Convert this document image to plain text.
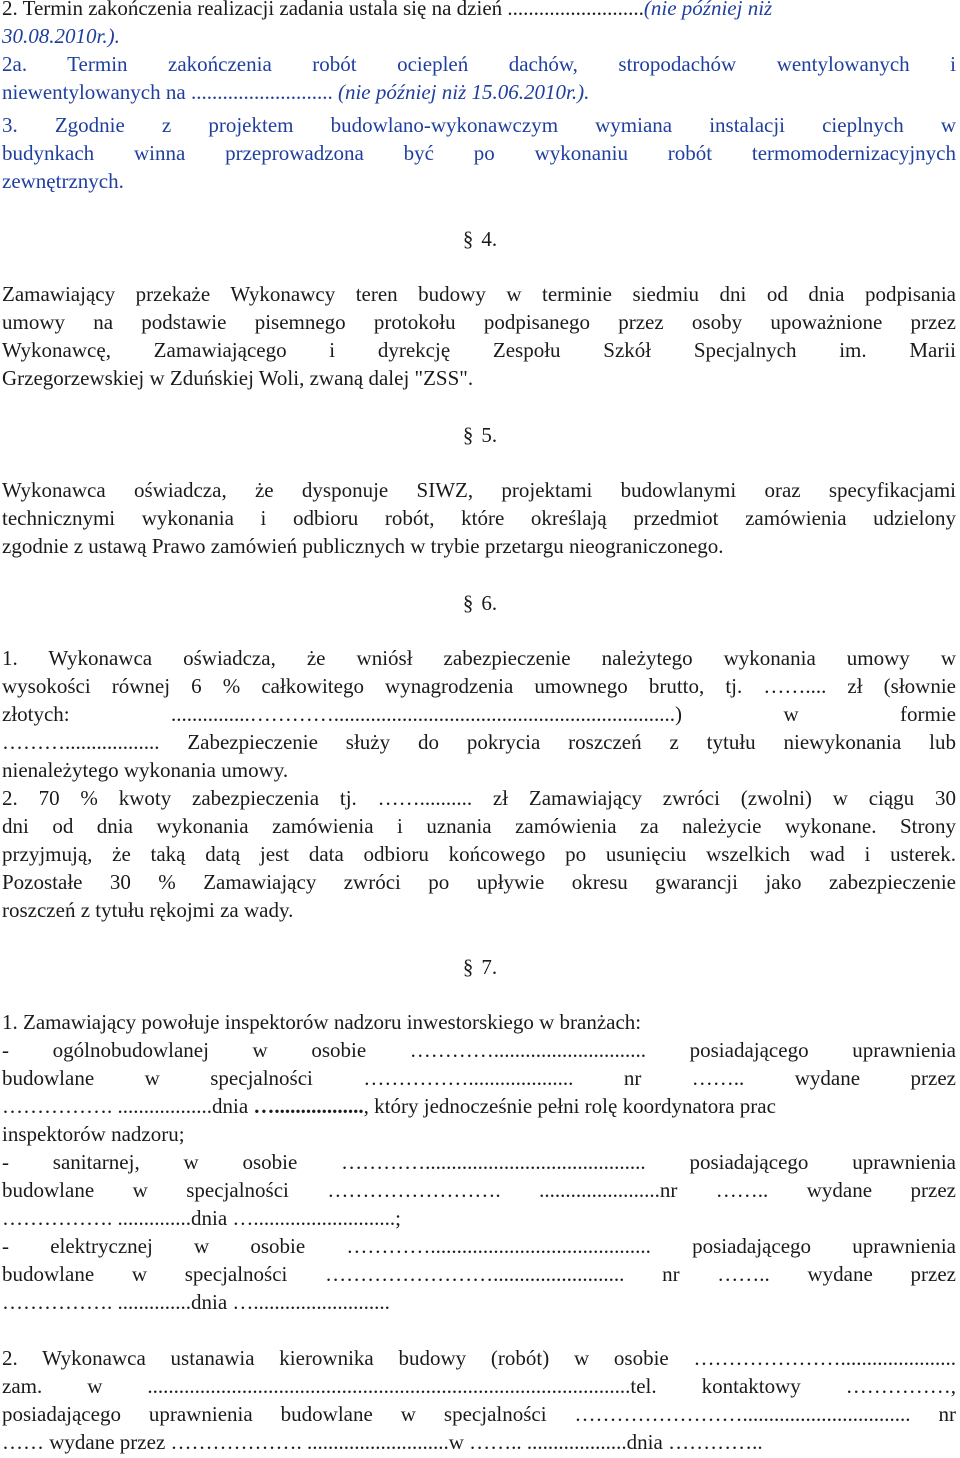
2. Termin zakończenia realizacji zadania ustala się na dzień ..........................(nie później niż
30.08.2010r.).
2a. Termin zakończenia robót ociepleń dachów, stropodachów wentylowanych i
niewentylowanych na ........................... (nie później niż 15.06.2010r.).
3. Zgodnie z projektem budowlano-wykonawczym wymiana instalacji cieplnych w
budynkach winna przeprowadzona być po wykonaniu robót termomodernizacyjnych
zewnętrznych.
§ 4.
Zamawiający przekaże Wykonawcy teren budowy w terminie siedmiu dni od dnia podpisania
umowy na podstawie pisemnego protokołu podpisanego przez osoby upoważnione przez
Wykonawcę, Zamawiającego i dyrekcję Zespołu Szkół Specjalnych im. Marii
Grzegorzewskiej w Zduńskiej Woli, zwaną dalej "ZSS".
§ 5.
Wykonawca oświadcza, że dysponuje SIWZ, projektami budowlanymi oraz specyfikacjami
technicznymi wykonania i odbioru robót, które określają przedmiot zamówienia udzielony
zgodnie z ustawą Prawo zamówień publicznych w trybie przetargu nieograniczonego.
§ 6.
1. Wykonawca oświadcza, że wniósł zabezpieczenie należytego wykonania umowy w
wysokości równej 6 % całkowitego wynagrodzenia umownego brutto, tj. …….... zł (słownie
złotych: ...............………….................................................................) w formie
……….................. Zabezpieczenie służy do pokrycia roszczeń z tytułu niewykonania lub
nienależytego wykonania umowy.
2. 70 % kwoty zabezpieczenia tj. …….......... zł Zamawiający zwróci (zwolni) w ciągu 30
dni od dnia wykonania zamówienia i uznania zamówienia za należycie wykonane. Strony
przyjmują, że taką datą jest data odbioru końcowego po usunięciu wszelkich wad i usterek.
Pozostałe 30 % Zamawiający zwróci po upływie okresu gwarancji jako zabezpieczenie
roszczeń z tytułu rękojmi za wady.
§ 7.
1. Zamawiający powołuje inspektorów nadzoru inwestorskiego w branżach:
- ogólnobudowlanej w osobie …………............................. posiadającego uprawnienia
budowlane w specjalności …………….................... nr …….. wydane przez
……………. ..................dnia …................., który jednocześnie pełni rolę koordynatora prac
inspektorów nadzoru;
- sanitarnej, w osobie ………….......................................... posiadającego uprawnienia
budowlane w specjalności ……………………. .......................nr …….. wydane przez
……………. ..............dnia …...........................;
- elektrycznej w osobie ………….......................................... posiadającego uprawnienia
budowlane w specjalności ……………………......................... nr …….. wydane przez
……………. ..............dnia …..........................
2. Wykonawca ustanawia kierownika budowy (robót) w osobie …………………......................
zam. w ............................................................................................tel. kontaktowy ……………,
posiadającego uprawnienia budowlane w specjalności ……………………................................ nr
…… wydane przez ………………. ...........................w …….. ...................dnia …………..
